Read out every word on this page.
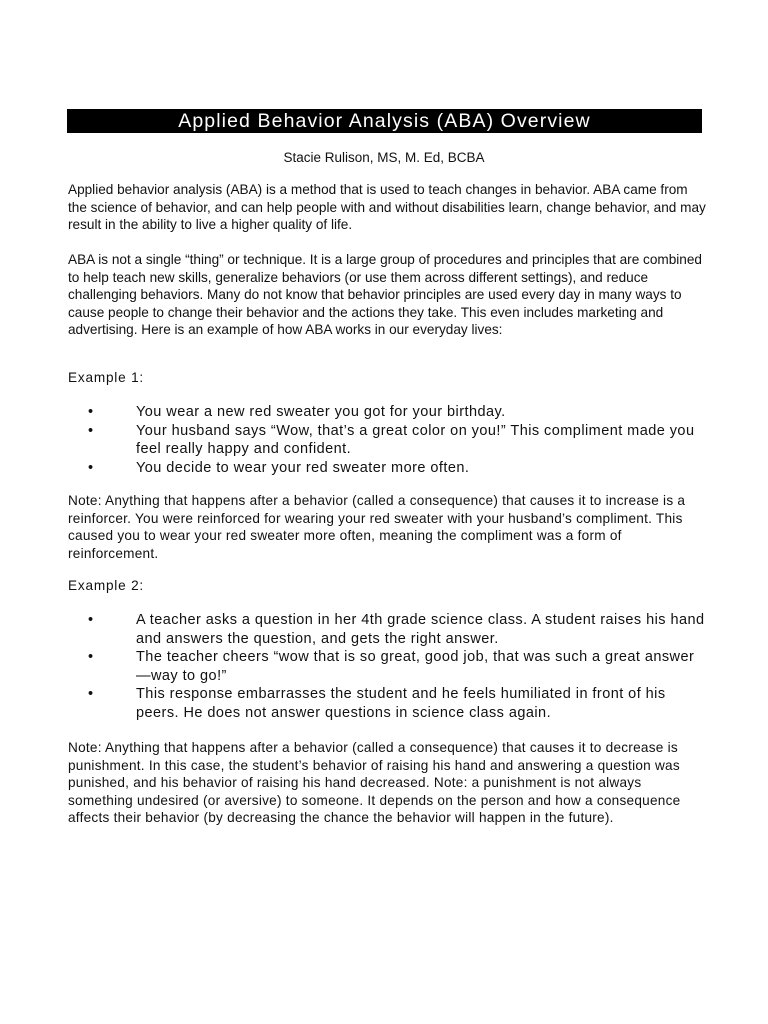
Applied Behavior Analysis (ABA) Overview
Stacie Rulison, MS, M. Ed, BCBA

Applied behavior analysis (ABA) is a method that is used to teach changes in behavior. ABA came from the science of behavior, and can help people with and without disabilities learn, change behavior, and may result in the ability to live a higher quality of life.

ABA is not a single “thing” or technique. It is a large group of procedures and principles that are combined to help teach new skills, generalize behaviors (or use them across different settings), and reduce challenging behaviors. Many do not know that behavior principles are used every day in many ways to cause people to change their behavior and the actions they take. This even includes marketing and advertising. Here is an example of how ABA works in our everyday lives:

Example 1:

•	You wear a new red sweater you got for your birthday.
•	Your husband says “Wow, that’s a great color on you!” This compliment made you feel really happy and confident.
•	You decide to wear your red sweater more often.

Note: Anything that happens after a behavior (called a consequence) that causes it to increase is a reinforcer. You were reinforced for wearing your red sweater with your husband’s compliment. This caused you to wear your red sweater more often, meaning the compliment was a form of reinforcement.

Example 2:

•	A teacher asks a question in her 4th grade science class. A student raises his hand and answers the question, and gets the right answer.
•	The teacher cheers “wow that is so great, good job, that was such a great answer—way to go!”
•	This response embarrasses the student and he feels humiliated in front of his peers. He does not answer questions in science class again.

Note: Anything that happens after a behavior (called a consequence) that causes it to decrease is punishment. In this case, the student’s behavior of raising his hand and answering a question was punished, and his behavior of raising his hand decreased. Note: a punishment is not always something undesired (or aversive) to someone. It depends on the person and how a consequence affects their behavior (by decreasing the chance the behavior will happen in the future).
